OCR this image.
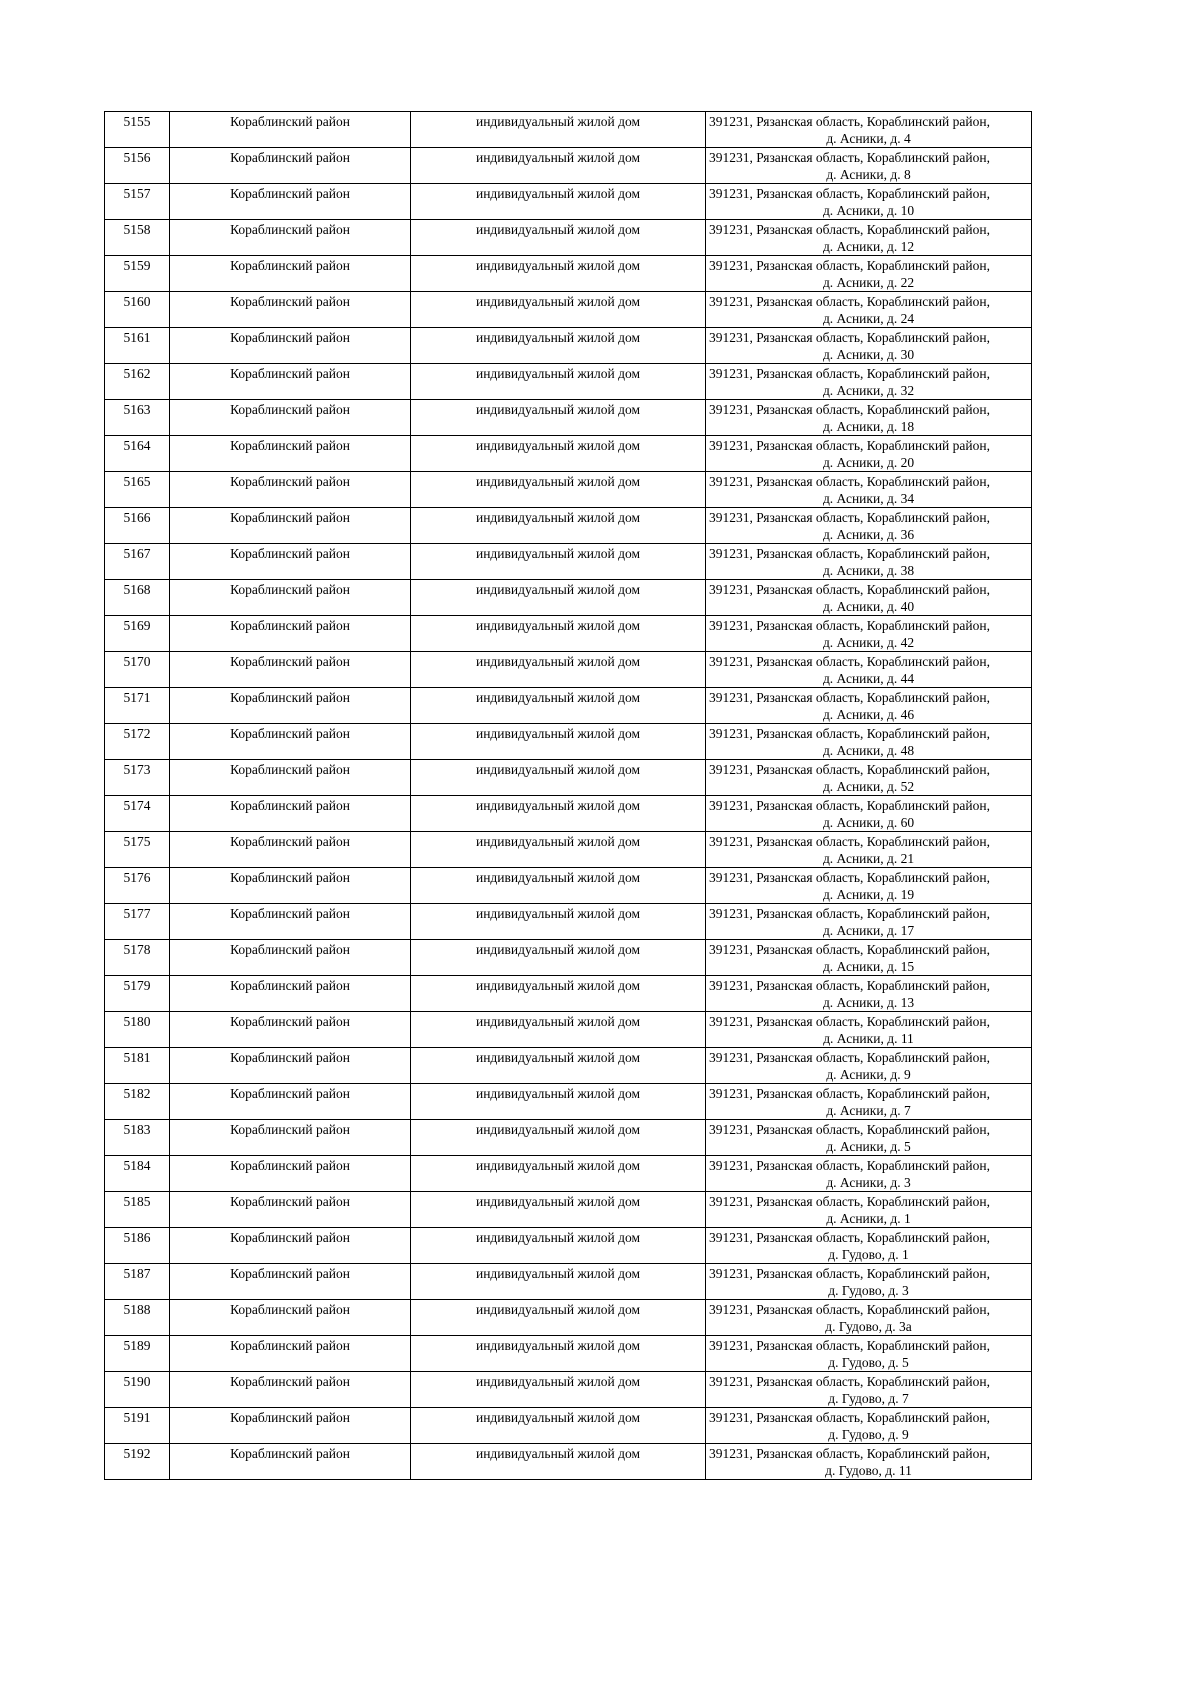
5155	Кораблинский район	индивидуальный жилой дом	391231, Рязанская область, Кораблинский район,
д. Асники, д. 4

5156	Кораблинский район	индивидуальный жилой дом	391231, Рязанская область, Кораблинский район,
д. Асники, д. 8

5157	Кораблинский район	индивидуальный жилой дом	391231, Рязанская область, Кораблинский район,
д. Асники, д. 10

5158	Кораблинский район	индивидуальный жилой дом	391231, Рязанская область, Кораблинский район,
д. Асники, д. 12

5159	Кораблинский район	индивидуальный жилой дом	391231, Рязанская область, Кораблинский район,
д. Асники, д. 22

5160	Кораблинский район	индивидуальный жилой дом	391231, Рязанская область, Кораблинский район,
д. Асники, д. 24

5161	Кораблинский район	индивидуальный жилой дом	391231, Рязанская область, Кораблинский район,
д. Асники, д. 30

5162	Кораблинский район	индивидуальный жилой дом	391231, Рязанская область, Кораблинский район,
д. Асники, д. 32

5163	Кораблинский район	индивидуальный жилой дом	391231, Рязанская область, Кораблинский район,
д. Асники, д. 18

5164	Кораблинский район	индивидуальный жилой дом	391231, Рязанская область, Кораблинский район,
д. Асники, д. 20

5165	Кораблинский район	индивидуальный жилой дом	391231, Рязанская область, Кораблинский район,
д. Асники, д. 34

5166	Кораблинский район	индивидуальный жилой дом	391231, Рязанская область, Кораблинский район,
д. Асники, д. 36

5167	Кораблинский район	индивидуальный жилой дом	391231, Рязанская область, Кораблинский район,
д. Асники, д. 38

5168	Кораблинский район	индивидуальный жилой дом	391231, Рязанская область, Кораблинский район,
д. Асники, д. 40

5169	Кораблинский район	индивидуальный жилой дом	391231, Рязанская область, Кораблинский район,
д. Асники, д. 42

5170	Кораблинский район	индивидуальный жилой дом	391231, Рязанская область, Кораблинский район,
д. Асники, д. 44

5171	Кораблинский район	индивидуальный жилой дом	391231, Рязанская область, Кораблинский район,
д. Асники, д. 46

5172	Кораблинский район	индивидуальный жилой дом	391231, Рязанская область, Кораблинский район,
д. Асники, д. 48

5173	Кораблинский район	индивидуальный жилой дом	391231, Рязанская область, Кораблинский район,
д. Асники, д. 52

5174	Кораблинский район	индивидуальный жилой дом	391231, Рязанская область, Кораблинский район,
д. Асники, д. 60

5175	Кораблинский район	индивидуальный жилой дом	391231, Рязанская область, Кораблинский район,
д. Асники, д. 21

5176	Кораблинский район	индивидуальный жилой дом	391231, Рязанская область, Кораблинский район,
д. Асники, д. 19

5177	Кораблинский район	индивидуальный жилой дом	391231, Рязанская область, Кораблинский район,
д. Асники, д. 17

5178	Кораблинский район	индивидуальный жилой дом	391231, Рязанская область, Кораблинский район,
д. Асники, д. 15

5179	Кораблинский район	индивидуальный жилой дом	391231, Рязанская область, Кораблинский район,
д. Асники, д. 13

5180	Кораблинский район	индивидуальный жилой дом	391231, Рязанская область, Кораблинский район,
д. Асники, д. 11

5181	Кораблинский район	индивидуальный жилой дом	391231, Рязанская область, Кораблинский район,
д. Асники, д. 9

5182	Кораблинский район	индивидуальный жилой дом	391231, Рязанская область, Кораблинский район,
д. Асники, д. 7

5183	Кораблинский район	индивидуальный жилой дом	391231, Рязанская область, Кораблинский район,
д. Асники, д. 5

5184	Кораблинский район	индивидуальный жилой дом	391231, Рязанская область, Кораблинский район,
д. Асники, д. 3

5185	Кораблинский район	индивидуальный жилой дом	391231, Рязанская область, Кораблинский район,
д. Асники, д. 1

5186	Кораблинский район	индивидуальный жилой дом	391231, Рязанская область, Кораблинский район,
д. Гудово, д. 1

5187	Кораблинский район	индивидуальный жилой дом	391231, Рязанская область, Кораблинский район,
д. Гудово, д. 3

5188	Кораблинский район	индивидуальный жилой дом	391231, Рязанская область, Кораблинский район,
д. Гудово, д. 3а

5189	Кораблинский район	индивидуальный жилой дом	391231, Рязанская область, Кораблинский район,
д. Гудово, д. 5

5190	Кораблинский район	индивидуальный жилой дом	391231, Рязанская область, Кораблинский район,
д. Гудово, д. 7

5191	Кораблинский район	индивидуальный жилой дом	391231, Рязанская область, Кораблинский район,
д. Гудово, д. 9

5192	Кораблинский район	индивидуальный жилой дом	391231, Рязанская область, Кораблинский район,
д. Гудово, д. 11
